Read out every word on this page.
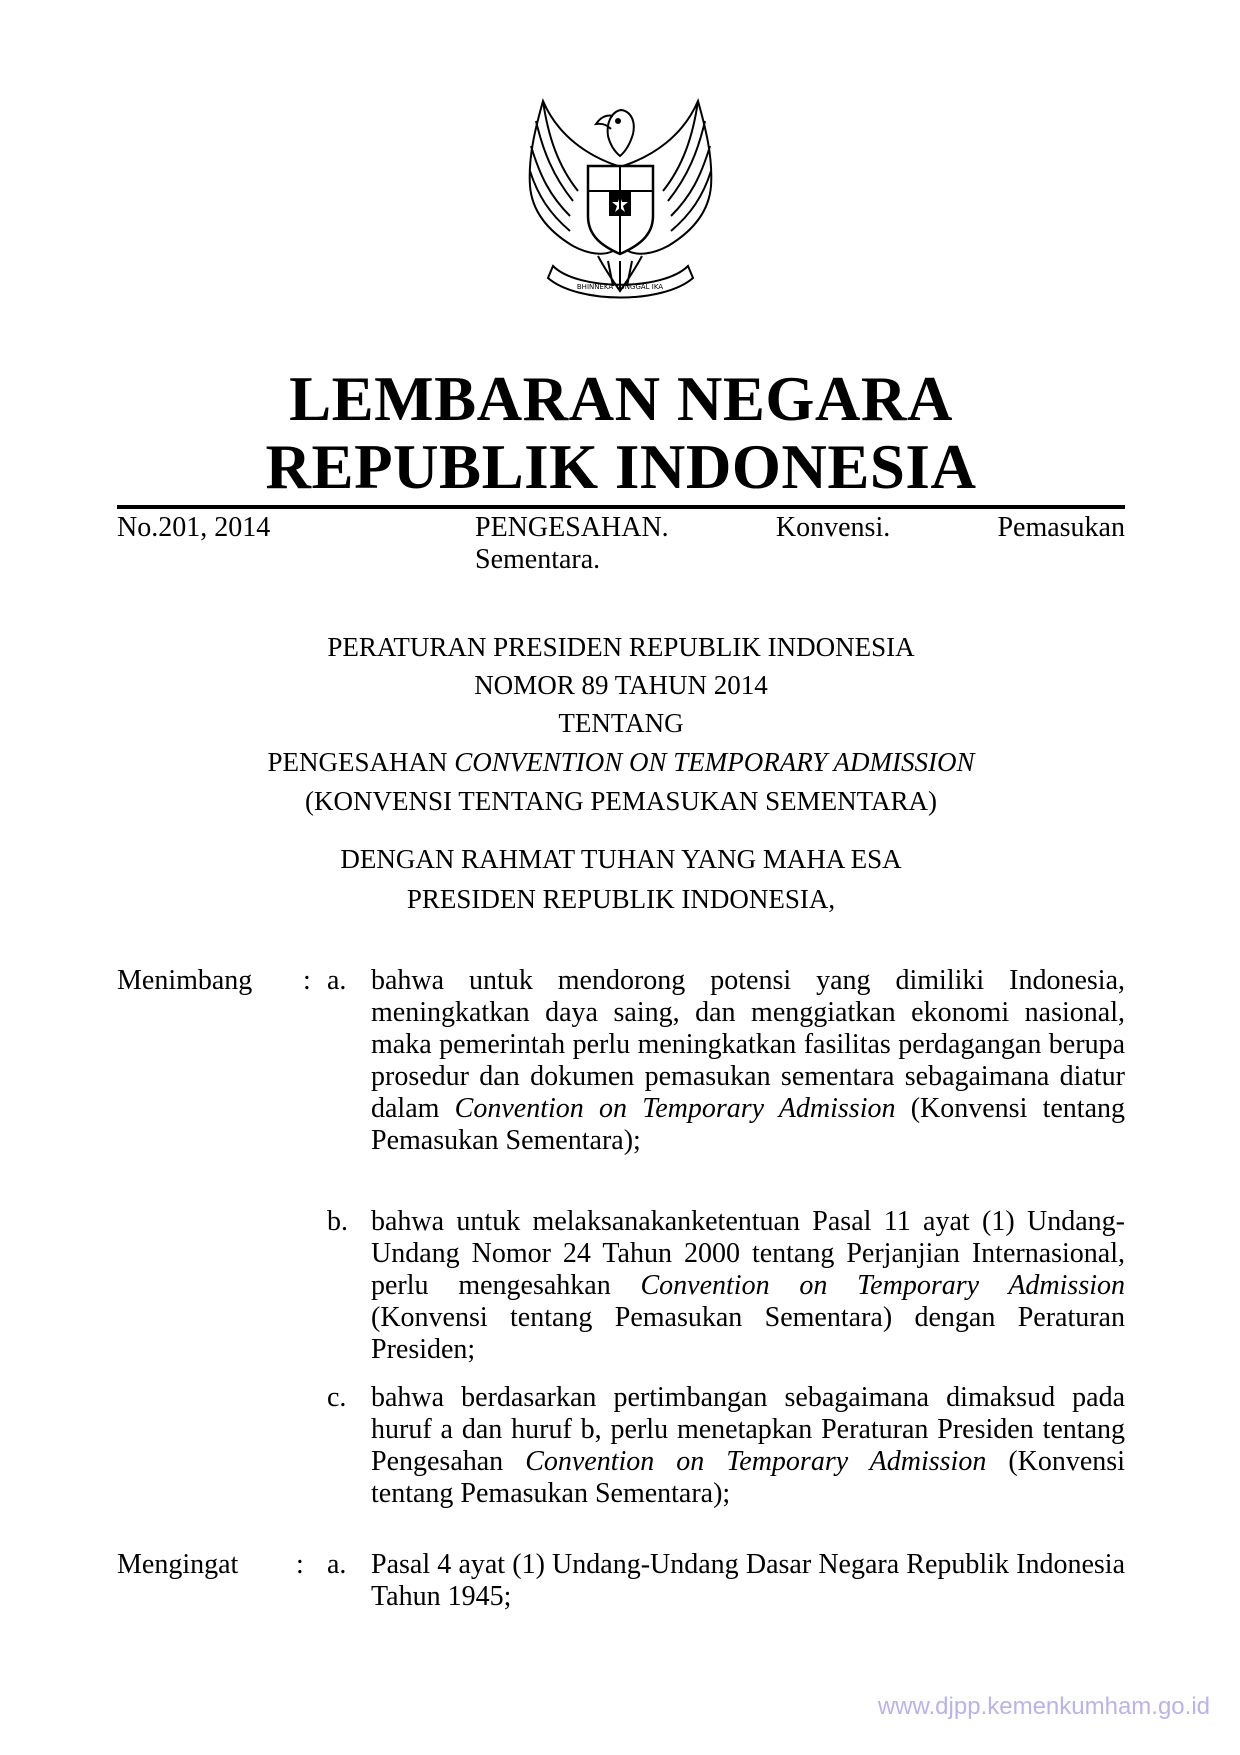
BHINNEKA TUNGGAL IKA
LEMBARAN NEGARA
REPUBLIK INDONESIA
No.201, 2014	PENGESAHAN.	Konvensi.	Pemasukan
Sementara.
PERATURAN PRESIDEN REPUBLIK INDONESIA
NOMOR 89 TAHUN 2014
TENTANG
PENGESAHAN CONVENTION ON TEMPORARY ADMISSION
(KONVENSI TENTANG PEMASUKAN SEMENTARA)
DENGAN RAHMAT TUHAN YANG MAHA ESA
PRESIDEN REPUBLIK INDONESIA,
Menimbang : a. bahwa untuk mendorong potensi yang dimiliki Indonesia, meningkatkan daya saing, dan menggiatkan ekonomi nasional, maka pemerintah perlu meningkatkan fasilitas perdagangan berupa prosedur dan dokumen pemasukan sementara sebagaimana diatur dalam Convention on Temporary Admission (Konvensi tentang Pemasukan Sementara);
b. bahwa untuk melaksanakanketentuan Pasal 11 ayat (1) Undang-Undang Nomor 24 Tahun 2000 tentang Perjanjian Internasional, perlu mengesahkan Convention on Temporary Admission (Konvensi tentang Pemasukan Sementara) dengan Peraturan Presiden;
c. bahwa berdasarkan pertimbangan sebagaimana dimaksud pada huruf a dan huruf b, perlu menetapkan Peraturan Presiden tentang Pengesahan Convention on Temporary Admission (Konvensi tentang Pemasukan Sementara);
Mengingat : a. Pasal 4 ayat (1) Undang-Undang Dasar Negara Republik Indonesia Tahun 1945;
www.djpp.kemenkumham.go.id
